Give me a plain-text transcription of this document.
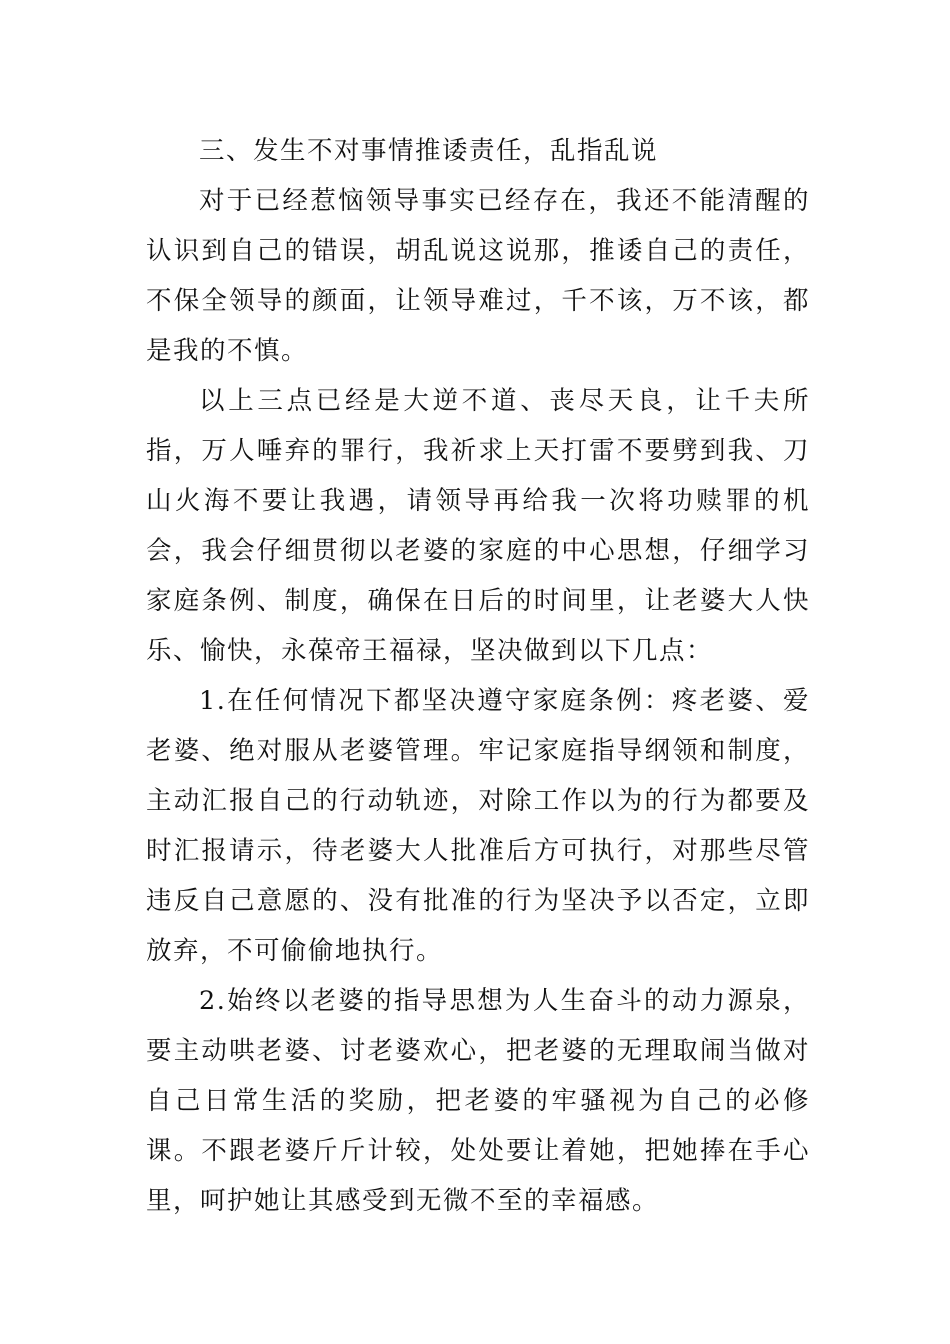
三、发生不对事情推诿责任，乱指乱说

对于已经惹恼领导事实已经存在，我还不能清醒的认识到自己的错误，胡乱说这说那，推诿自己的责任，不保全领导的颜面，让领导难过，千不该，万不该，都是我的不慎。

以上三点已经是大逆不道、丧尽天良，让千夫所指，万人唾弃的罪行，我祈求上天打雷不要劈到我、刀山火海不要让我遇，请领导再给我一次将功赎罪的机会，我会仔细贯彻以老婆的家庭的中心思想，仔细学习家庭条例、制度，确保在日后的时间里，让老婆大人快乐、愉快，永葆帝王福禄，坚决做到以下几点：

1.在任何情况下都坚决遵守家庭条例：疼老婆、爱老婆、绝对服从老婆管理。牢记家庭指导纲领和制度，主动汇报自己的行动轨迹，对除工作以为的行为都要及时汇报请示，待老婆大人批准后方可执行，对那些尽管违反自己意愿的、没有批准的行为坚决予以否定，立即放弃，不可偷偷地执行。

2.始终以老婆的指导思想为人生奋斗的动力源泉，要主动哄老婆、讨老婆欢心，把老婆的无理取闹当做对自己日常生活的奖励，把老婆的牢骚视为自己的必修课。不跟老婆斤斤计较，处处要让着她，把她捧在手心里，呵护她让其感受到无微不至的幸福感。
